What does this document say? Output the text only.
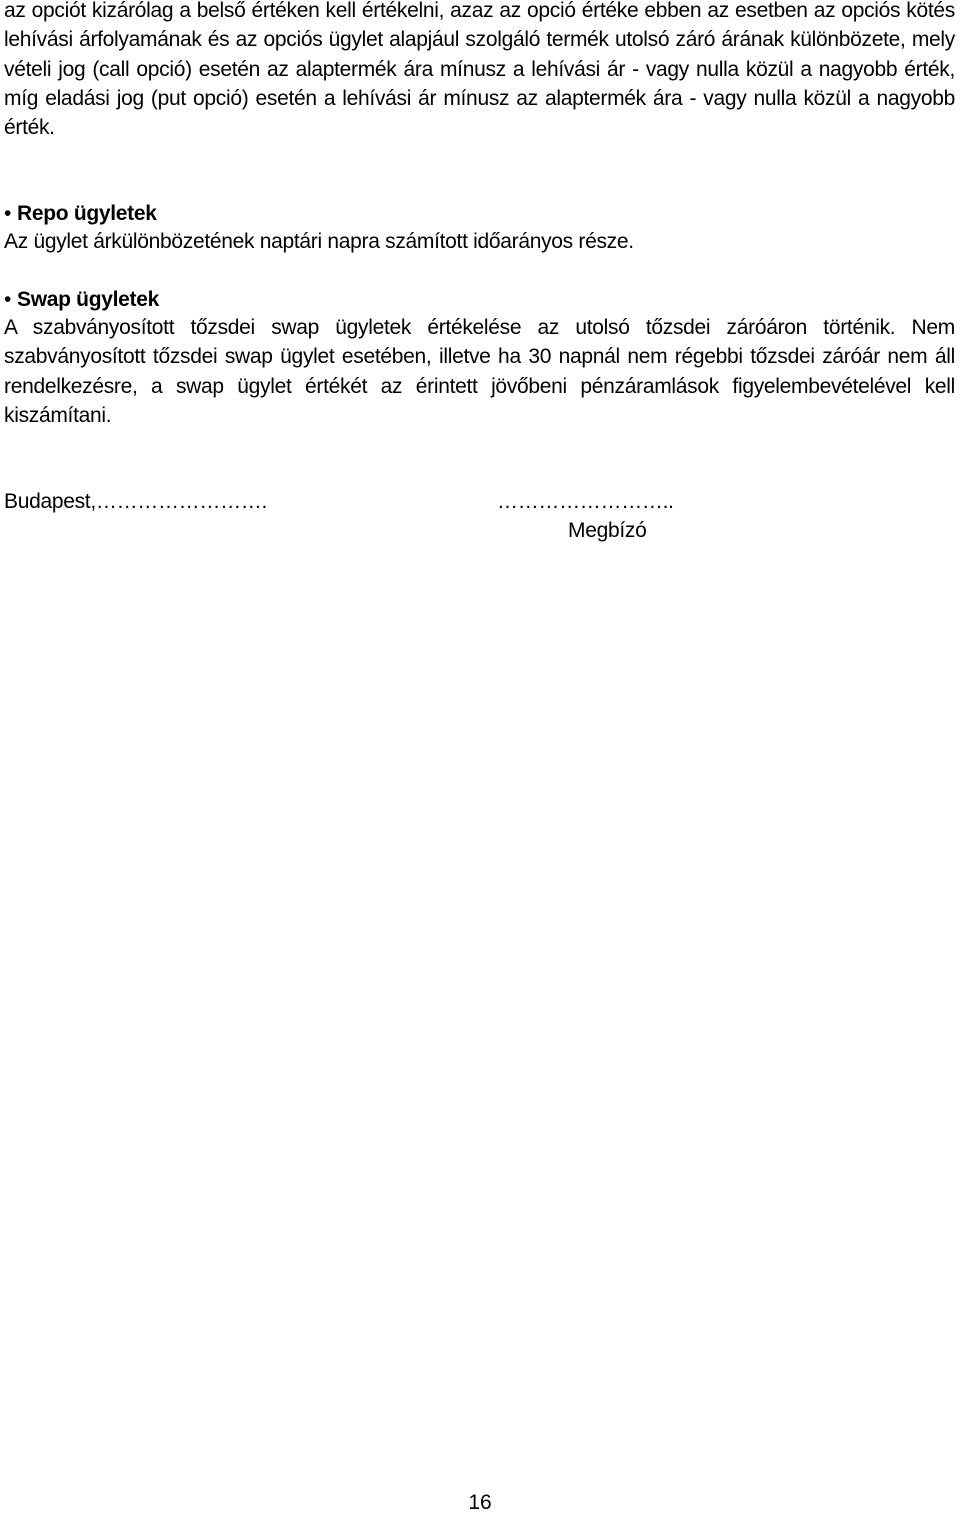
az opciót kizárólag a belső értéken kell értékelni, azaz az opció értéke ebben az esetben az opciós kötés lehívási árfolyamának és az opciós ügylet alapjául szolgáló termék utolsó záró árának különbözete, mely vételi jog (call opció) esetén az alaptermék ára mínusz a lehívási ár - vagy nulla közül a nagyobb érték, míg eladási jog (put opció) esetén a lehívási ár mínusz az alaptermék ára - vagy nulla közül a nagyobb érték.

• Repo ügyletek

Az ügylet árkülönbözetének naptári napra számított időarányos része.

• Swap ügyletek

A szabványosított tőzsdei swap ügyletek értékelése az utolsó tőzsdei záróáron történik. Nem szabványosított tőzsdei swap ügylet esetében, illetve ha 30 napnál nem régebbi tőzsdei záróár nem áll rendelkezésre, a swap ügylet értékét az érintett jövőbeni pénzáramlások figyelembevételével kell kiszámítani.

Budapest,…………………….	……………………..

Megbízó

16
